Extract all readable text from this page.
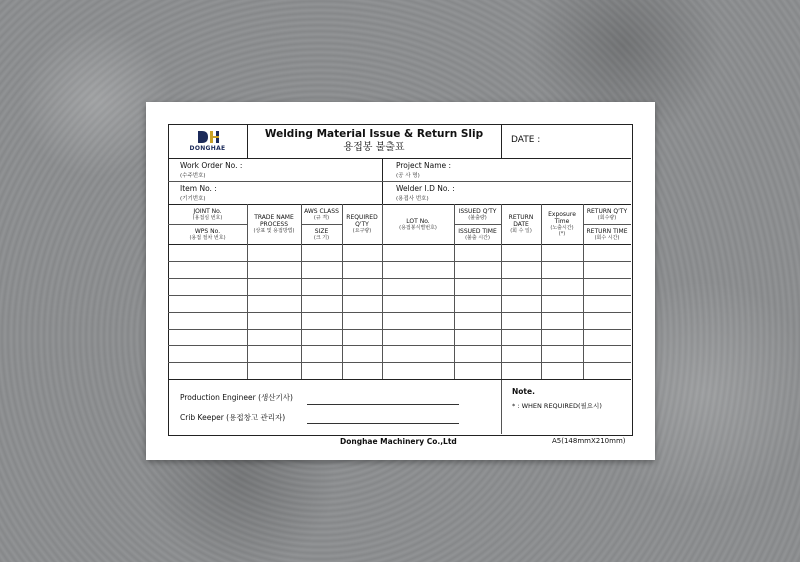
DONGHAE
Welding Material Issue & Return Slip
용접봉 불출표
DATE :
Work Order No. :
(수주번호)
Project Name :
(공 사 명)
Item No. :
(기기번호)
Welder I.D No. :
(용접사 번호)
JOINT No.
(용접심 번호)
WPS No.
(용접 절차 번호)
TRADE NAME
PROCESS
(상표 및 용접방법)
AWS CLASS
(규 격)
SIZE
(크 기)
REQUIRED
Q'TY
(요구량)
LOT No.
(용접봉식별번호)
ISSUED Q'TY
(불출량)
ISSUED TIME
(불출 시간)
RETURN
DATE
(회 수 일)
Exposure
Time
(노출시간)
(*)
RETURN Q'TY
(회수량)
RETURN TIME
(회수 시간)
Production Engineer (생산기사)
Crib Keeper (용접창고 관리자)
Note.
* : WHEN REQUIRED(필요시)
Donghae Machinery Co.,Ltd	A5(148mmX210mm)
